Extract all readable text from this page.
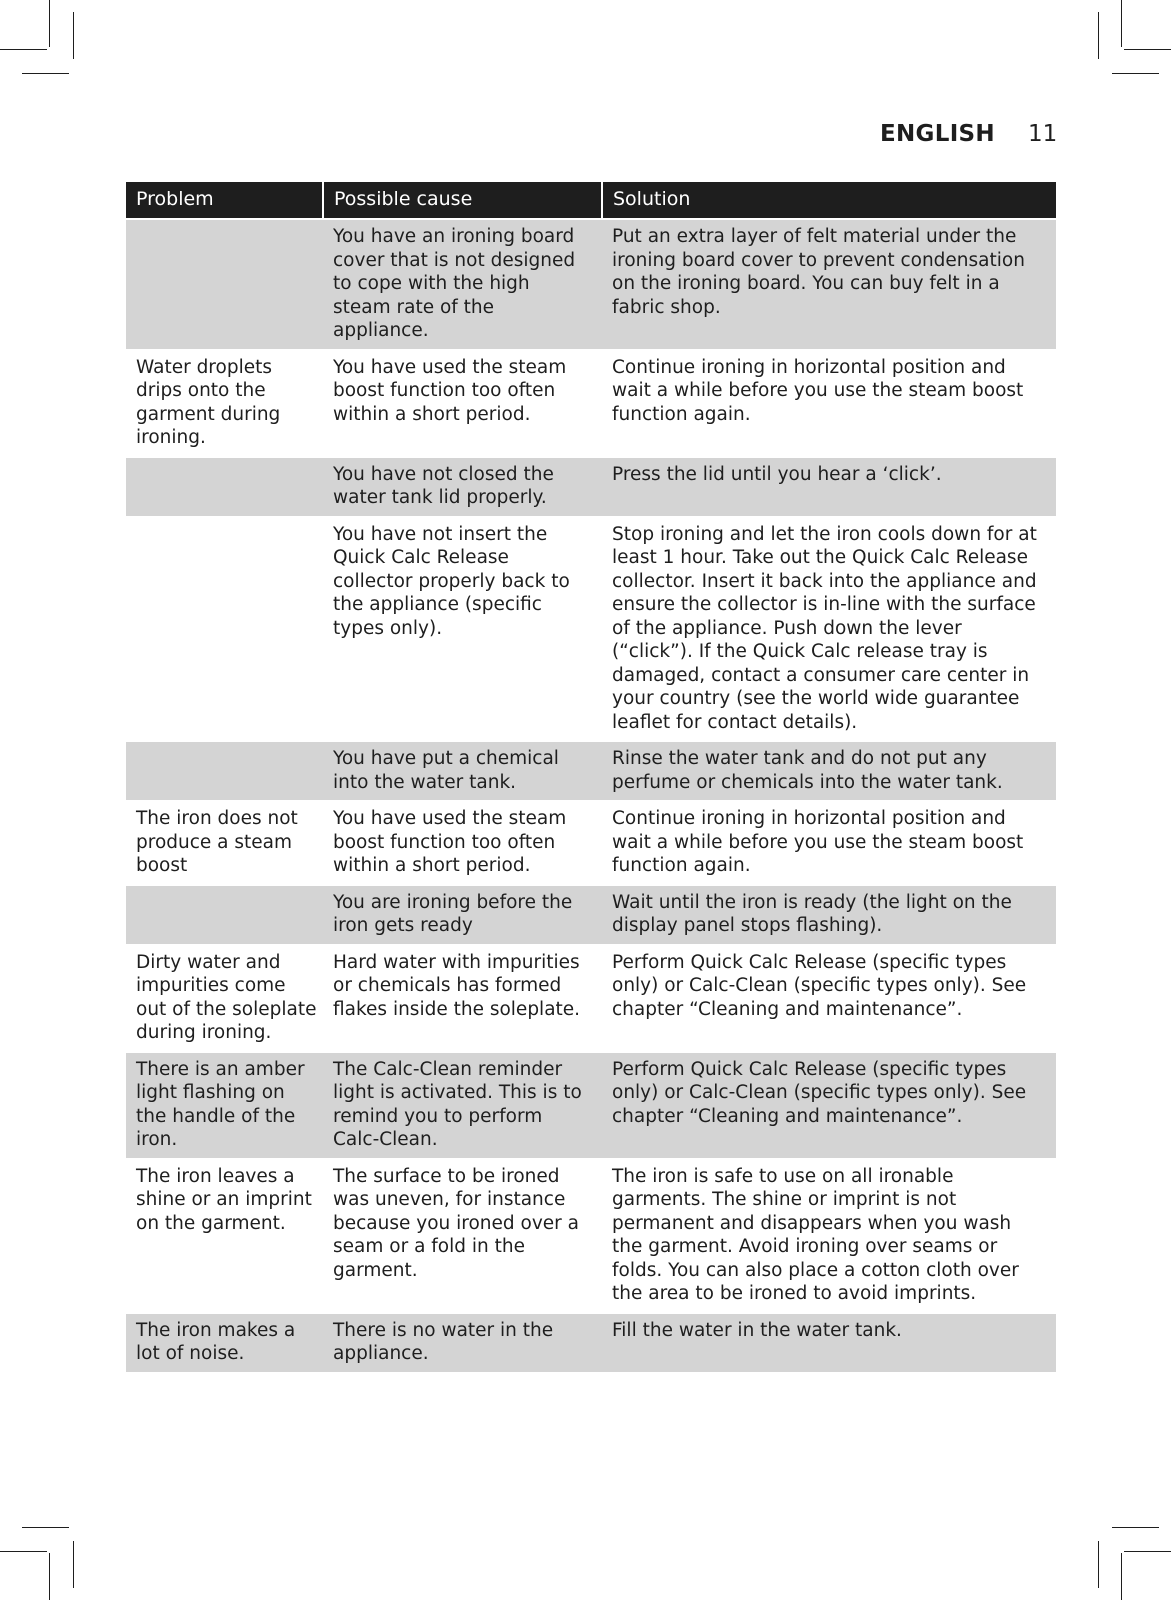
ENGLISH 11
Problem	Possible cause	Solution
	You have an ironing board cover that is not designed to cope with the high steam rate of the appliance.	Put an extra layer of felt material under the ironing board cover to prevent condensation on the ironing board. You can buy felt in a fabric shop.
Water droplets drips onto the garment during ironing.	You have used the steam boost function too often within a short period.	Continue ironing in horizontal position and wait a while before you use the steam boost function again.
	You have not closed the water tank lid properly.	Press the lid until you hear a ‘click’.
	You have not insert the Quick Calc Release collector properly back to the appliance (specific types only).	Stop ironing and let the iron cools down for at least 1 hour. Take out the Quick Calc Release collector. Insert it back into the appliance and ensure the collector is in-line with the surface of the appliance. Push down the lever (“click”). If the Quick Calc release tray is damaged, contact a consumer care center in your country (see the world wide guarantee leaflet for contact details).
	You have put a chemical into the water tank.	Rinse the water tank and do not put any perfume or chemicals into the water tank.
The iron does not produce a steam boost	You have used the steam boost function too often within a short period.	Continue ironing in horizontal position and wait a while before you use the steam boost function again.
	You are ironing before the iron gets ready	Wait until the iron is ready (the light on the display panel stops flashing).
Dirty water and impurities come out of the soleplate during ironing.	Hard water with impurities or chemicals has formed flakes inside the soleplate.	Perform Quick Calc Release (specific types only) or Calc-Clean (specific types only). See chapter “Cleaning and maintenance”.
There is an amber light flashing on the handle of the iron.	The Calc-Clean reminder light is activated. This is to remind you to perform Calc-Clean.	Perform Quick Calc Release (specific types only) or Calc-Clean (specific types only). See chapter “Cleaning and maintenance”.
The iron leaves a shine or an imprint on the garment.	The surface to be ironed was uneven, for instance because you ironed over a seam or a fold in the garment.	The iron is safe to use on all ironable garments. The shine or imprint is not permanent and disappears when you wash the garment. Avoid ironing over seams or folds. You can also place a cotton cloth over the area to be ironed to avoid imprints.
The iron makes a lot of noise.	There is no water in the appliance.	Fill the water in the water tank.
